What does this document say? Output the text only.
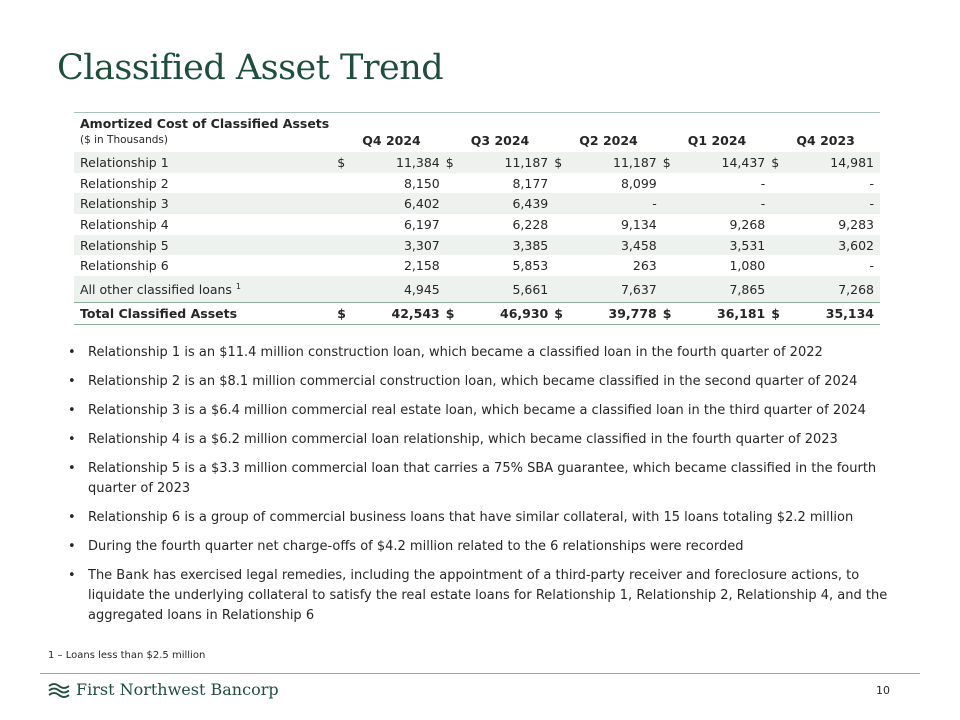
Classified Asset Trend
Amortized Cost of Classified Assets										
($ in Thousands)	Q4 2024		Q3 2024		Q2 2024		Q1 2024		Q4 2023	
Relationship 1	$	11,384	$	11,187	$	11,187	$	14,437	$	14,981
Relationship 2		8,150		8,177		8,099		-		-
Relationship 3		6,402		6,439		-		-		-
Relationship 4		6,197		6,228		9,134		9,268		9,283
Relationship 5		3,307		3,385		3,458		3,531		3,602
Relationship 6		2,158		5,853		263		1,080		-
All other classified loans $^1$		4,945		5,661		7,637		7,865		7,268
Total Classified Assets	$	42,543	$	46,930	$	39,778	$	36,181	$	35,134
• Relationship 1 is an $11.4 million construction loan, which became a classified loan in the fourth quarter of 2022
• Relationship 2 is an $8.1 million commercial construction loan, which became classified in the second quarter of 2024
• Relationship 3 is a $6.4 million commercial real estate loan, which became a classified loan in the third quarter of 2024
• Relationship 4 is a $6.2 million commercial loan relationship, which became classified in the fourth quarter of 2023
• Relationship 5 is a $3.3 million commercial loan that carries a 75% SBA guarantee, which became classified in the fourth quarter of 2023
• Relationship 6 is a group of commercial business loans that have similar collateral, with 15 loans totaling $2.2 million
• During the fourth quarter net charge-offs of $4.2 million related to the 6 relationships were recorded
• The Bank has exercised legal remedies, including the appointment of a third-party receiver and foreclosure actions, to liquidate the underlying collateral to satisfy the real estate loans for Relationship 1, Relationship 2, Relationship 4, and the aggregated loans in Relationship 6
1 – Loans less than $2.5 million
First Northwest Bancorp	10
